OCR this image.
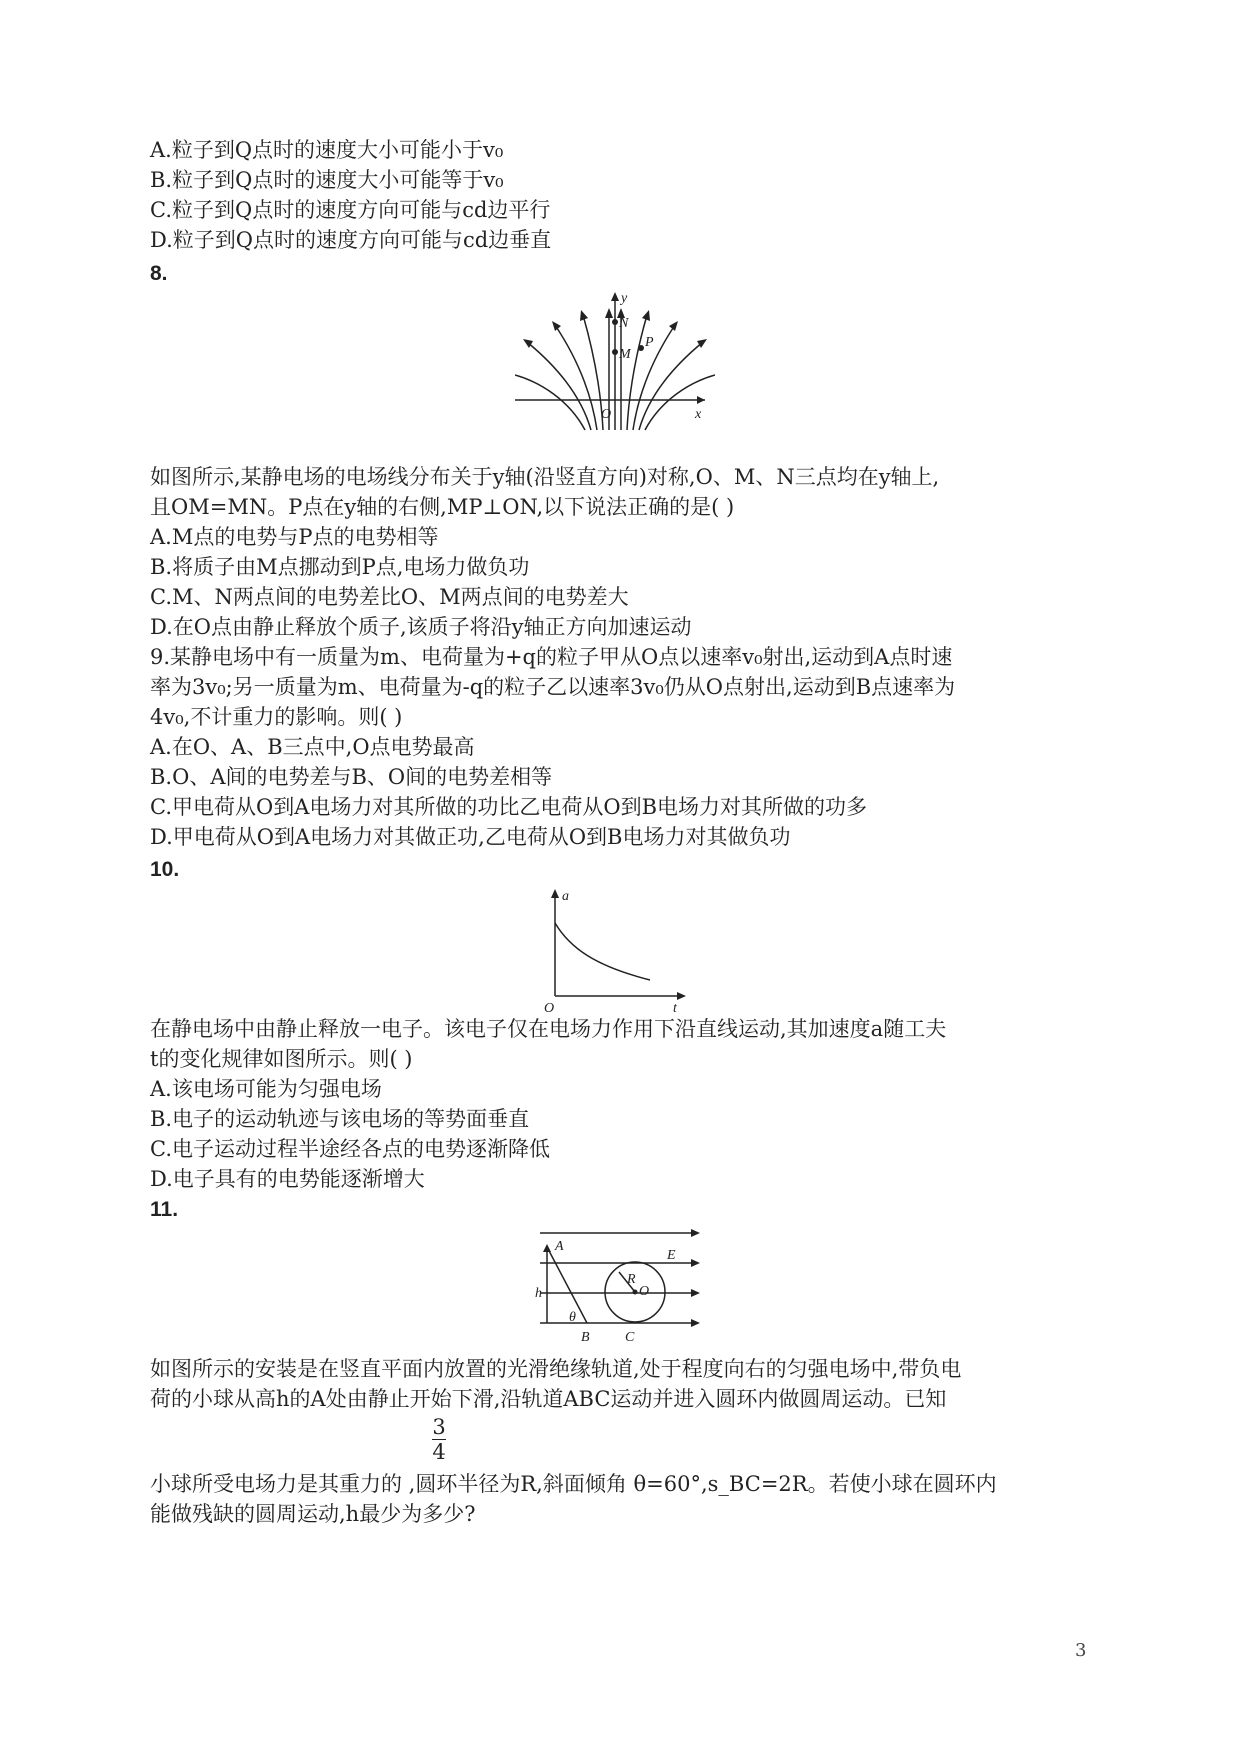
A.粒子到Q点时的速度大小可能小于v₀
B.粒子到Q点时的速度大小可能等于v₀
C.粒子到Q点时的速度方向可能与cd边平行
D.粒子到Q点时的速度方向可能与cd边垂直
8.
y
x
O
M
N
P
如图所示,某静电场的电场线分布关于y轴(沿竖直方向)对称,O、M、N三点均在y轴上,
且OM=MN。P点在y轴的右侧,MP⊥ON,以下说法正确的是( )
A.M点的电势与P点的电势相等
B.将质子由M点挪动到P点,电场力做负功
C.M、N两点间的电势差比O、M两点间的电势差大
D.在O点由静止释放个质子,该质子将沿y轴正方向加速运动
9.某静电场中有一质量为m、电荷量为+q的粒子甲从O点以速率v₀射出,运动到A点时速
率为3v₀;另一质量为m、电荷量为-q的粒子乙以速率3v₀仍从O点射出,运动到B点速率为
4v₀,不计重力的影响。则( )
A.在O、A、B三点中,O点电势最高
B.O、A间的电势差与B、O间的电势差相等
C.甲电荷从O到A电场力对其所做的功比乙电荷从O到B电场力对其所做的功多
D.甲电荷从O到A电场力对其做正功,乙电荷从O到B电场力对其做负功
10.
a
t
O
在静电场中由静止释放一电子。该电子仅在电场力作用下沿直线运动,其加速度a随工夫
t的变化规律如图所示。则( )
A.该电场可能为匀强电场
B.电子的运动轨迹与该电场的等势面垂直
C.电子运动过程半途经各点的电势逐渐降低
D.电子具有的电势能逐渐增大
11.
A
E
R
O
h
θ
B	C
如图所示的安装是在竖直平面内放置的光滑绝缘轨道,处于程度向右的匀强电场中,带负电
荷的小球从高h的A处由静止开始下滑,沿轨道ABC运动并进入圆环内做圆周运动。已知
3
4
小球所受电场力是其重力的 ,圆环半径为R,斜面倾角 θ=60°,s_BC=2R。若使小球在圆环内
能做残缺的圆周运动,h最少为多少?
3
